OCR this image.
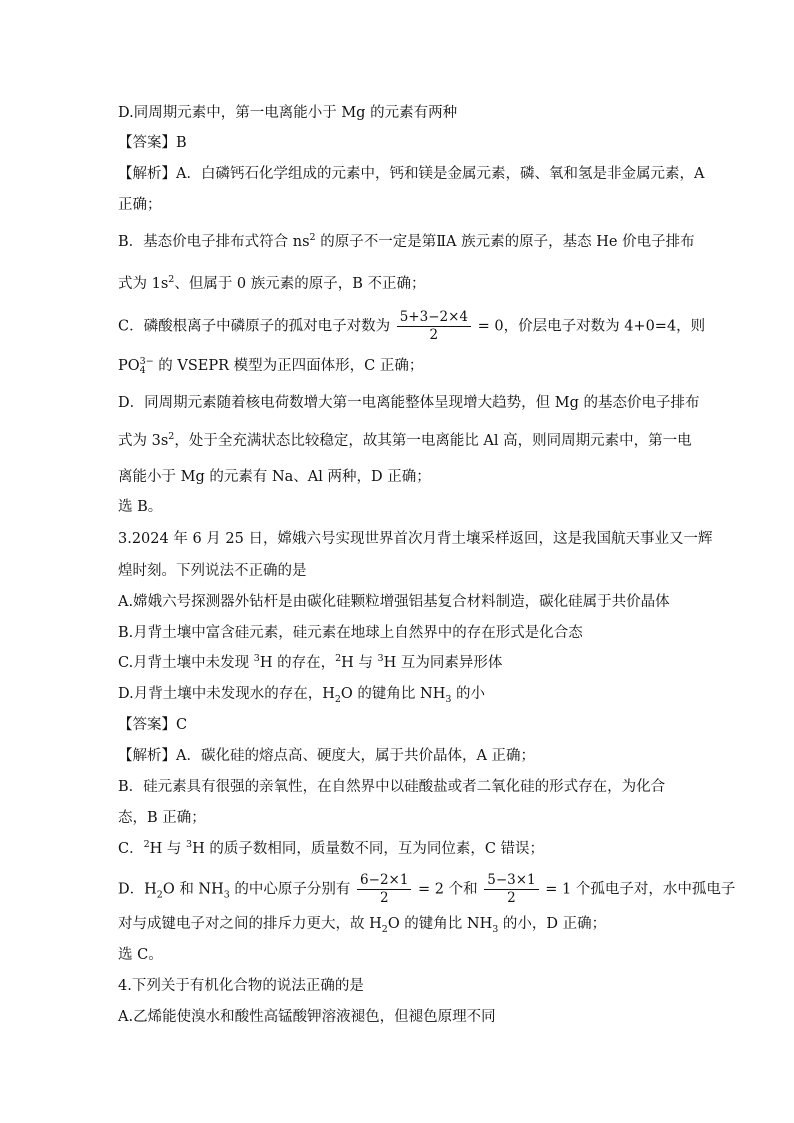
D.同周期元素中，第一电离能小于 Mg 的元素有两种
【答案】B
【解析】A．白磷钙石化学组成的元素中，钙和镁是金属元素，磷、氧和氢是非金属元素，A
正确；
B．基态价电子排布式符合 $ns^2$ 的原子不一定是第ⅡA 族元素的原子，基态 He 价电子排布
式为 $1s^2$、但属于 0 族元素的原子，B 不正确；
C．磷酸根离子中磷原子的孤对电子对数为 $\frac{5+3-2\times 4}{2} = 0$，价层电子对数为 4+0=4，则
PO 3−
4 的 VSEPR 模型为正四面体形，C 正确；
D．同周期元素随着核电荷数增大第一电离能整体呈现增大趋势，但 Mg 的基态价电子排布
式为 $3s^2$，处于全充满状态比较稳定，故其第一电离能比 Al 高，则同周期元素中，第一电
离能小于 Mg 的元素有 Na、Al 两种，D 正确；
选 B。
3.2024 年 6 月 25 日，嫦娥六号实现世界首次月背土壤采样返回，这是我国航天事业又一辉
煌时刻。下列说法不正确的是
A.嫦娥六号探测器外钻杆是由碳化硅颗粒增强铝基复合材料制造，碳化硅属于共价晶体
B.月背土壤中富含硅元素，硅元素在地球上自然界中的存在形式是化合态
C.月背土壤中未发现 $^3$H 的存在，$^2$H 与 $^3$H 互为同素异形体
D.月背土壤中未发现水的存在，$H_2O$ 的键角比 $NH_3$ 的小
【答案】C
【解析】A．碳化硅的熔点高、硬度大，属于共价晶体，A 正确；
B．硅元素具有很强的亲氧性，在自然界中以硅酸盐或者二氧化硅的形式存在，为化合
态，B 正确；
C．$^2$H 与 $^3$H 的质子数相同，质量数不同，互为同位素，C 错误；
D．$H_2O$ 和 $NH_3$ 的中心原子分别有 $\frac{6-2\times 1}{2} = 2$ 个和 $\frac{5-3\times 1}{2} = 1$ 个孤电子对，水中孤电子
对与成键电子对之间的排斥力更大，故 $H_2O$ 的键角比 $NH_3$ 的小，D 正确；
选 C。
4.下列关于有机化合物的说法正确的是
A.乙烯能使溴水和酸性高锰酸钾溶液褪色，但褪色原理不同
